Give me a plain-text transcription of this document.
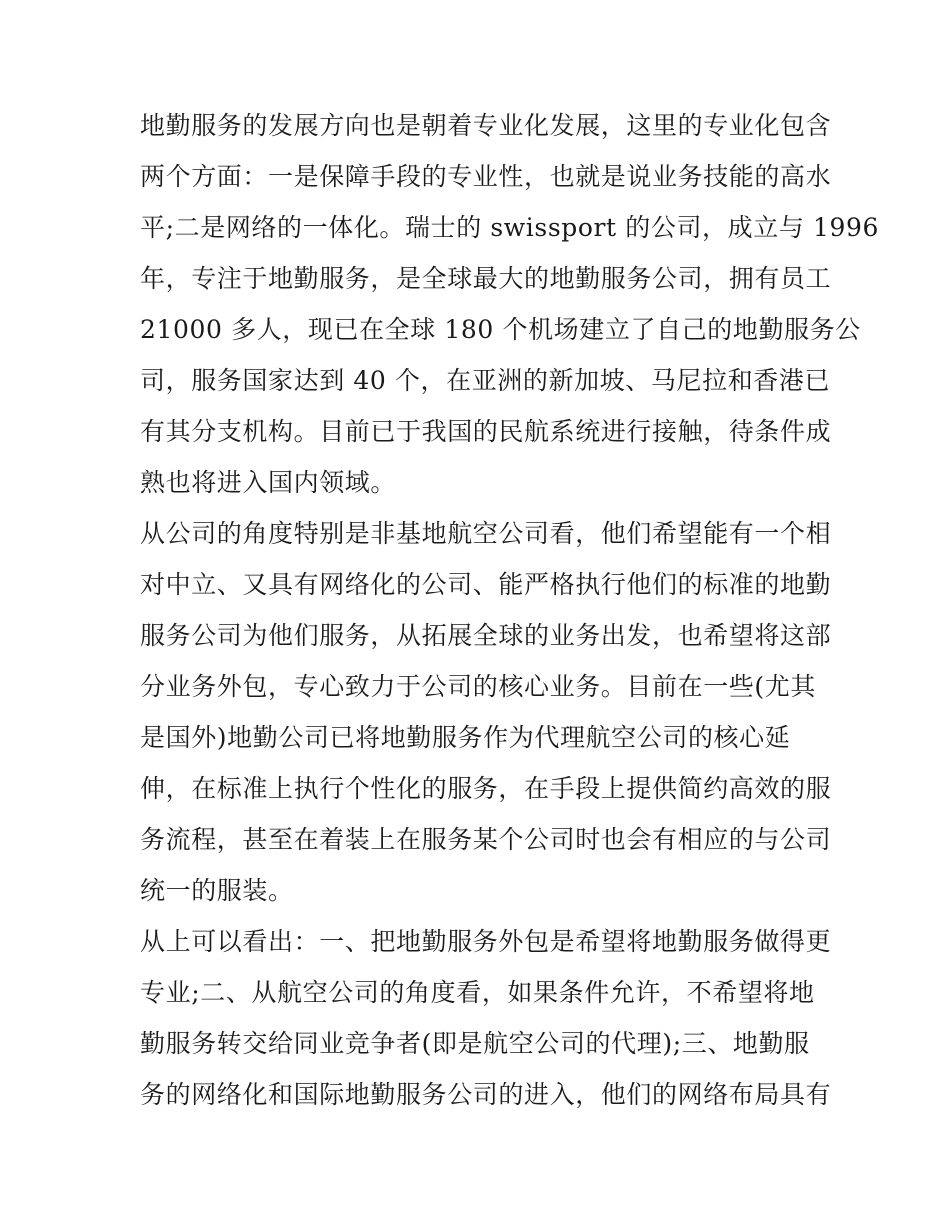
地勤服务的发展方向也是朝着专业化发展，这里的专业化包含
两个方面：一是保障手段的专业性，也就是说业务技能的高水
平;二是网络的一体化。瑞士的 swissport 的公司，成立与 1996
年，专注于地勤服务，是全球最大的地勤服务公司，拥有员工
21000 多人，现已在全球 180 个机场建立了自己的地勤服务公
司，服务国家达到 40 个，在亚洲的新加坡、马尼拉和香港已
有其分支机构。目前已于我国的民航系统进行接触，待条件成
熟也将进入国内领域。
从公司的角度特别是非基地航空公司看，他们希望能有一个相
对中立、又具有网络化的公司、能严格执行他们的标准的地勤
服务公司为他们服务，从拓展全球的业务出发，也希望将这部
分业务外包，专心致力于公司的核心业务。目前在一些(尤其
是国外)地勤公司已将地勤服务作为代理航空公司的核心延
伸，在标准上执行个性化的服务，在手段上提供简约高效的服
务流程，甚至在着装上在服务某个公司时也会有相应的与公司
统一的服装。
从上可以看出：一、把地勤服务外包是希望将地勤服务做得更
专业;二、从航空公司的角度看，如果条件允许，不希望将地
勤服务转交给同业竞争者(即是航空公司的代理);三、地勤服
务的网络化和国际地勤服务公司的进入，他们的网络布局具有
